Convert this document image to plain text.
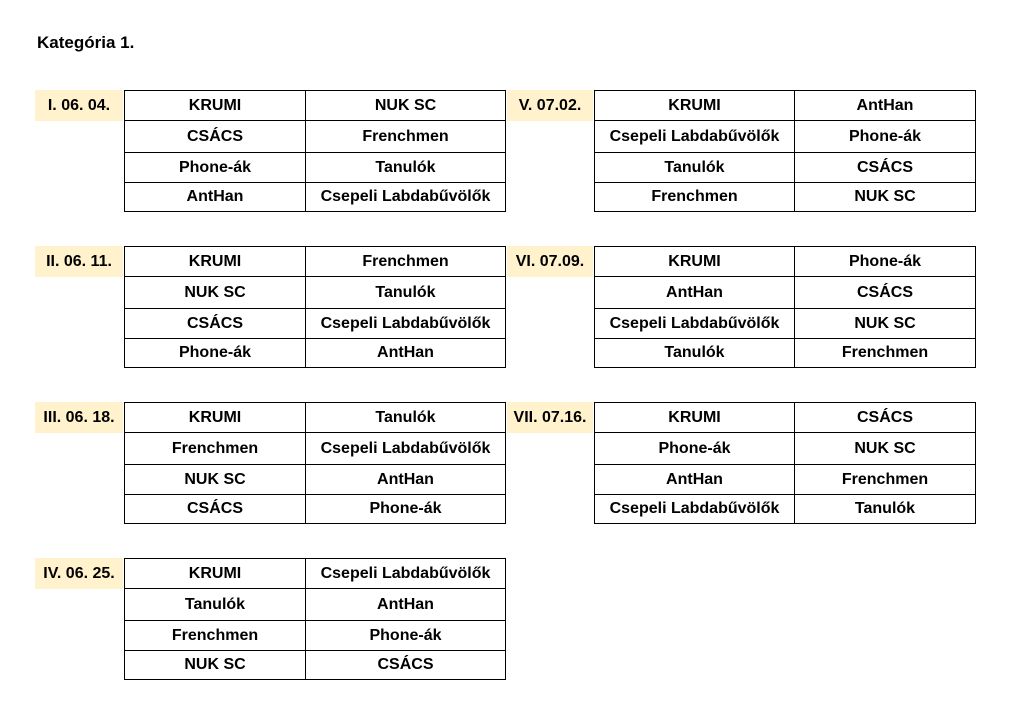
Kategória 1.
I. 06. 04.	KRUMI	NUK SC
CSÁCS	Frenchmen
Phone-ák	Tanulók
AntHan	Csepeli Labdabűvölők
II. 06. 11.	KRUMI	Frenchmen
NUK SC	Tanulók
CSÁCS	Csepeli Labdabűvölők
Phone-ák	AntHan
III. 06. 18.	KRUMI	Tanulók
Frenchmen	Csepeli Labdabűvölők
NUK SC	AntHan
CSÁCS	Phone-ák
IV. 06. 25.	KRUMI	Csepeli Labdabűvölők
Tanulók	AntHan
Frenchmen	Phone-ák
NUK SC	CSÁCS
V. 07.02.	KRUMI	AntHan
Csepeli Labdabűvölők	Phone-ák
Tanulók	CSÁCS
Frenchmen	NUK SC
VI. 07.09.	KRUMI	Phone-ák
AntHan	CSÁCS
Csepeli Labdabűvölők	NUK SC
Tanulók	Frenchmen
VII. 07.16.	KRUMI	CSÁCS
Phone-ák	NUK SC
AntHan	Frenchmen
Csepeli Labdabűvölők	Tanulók
